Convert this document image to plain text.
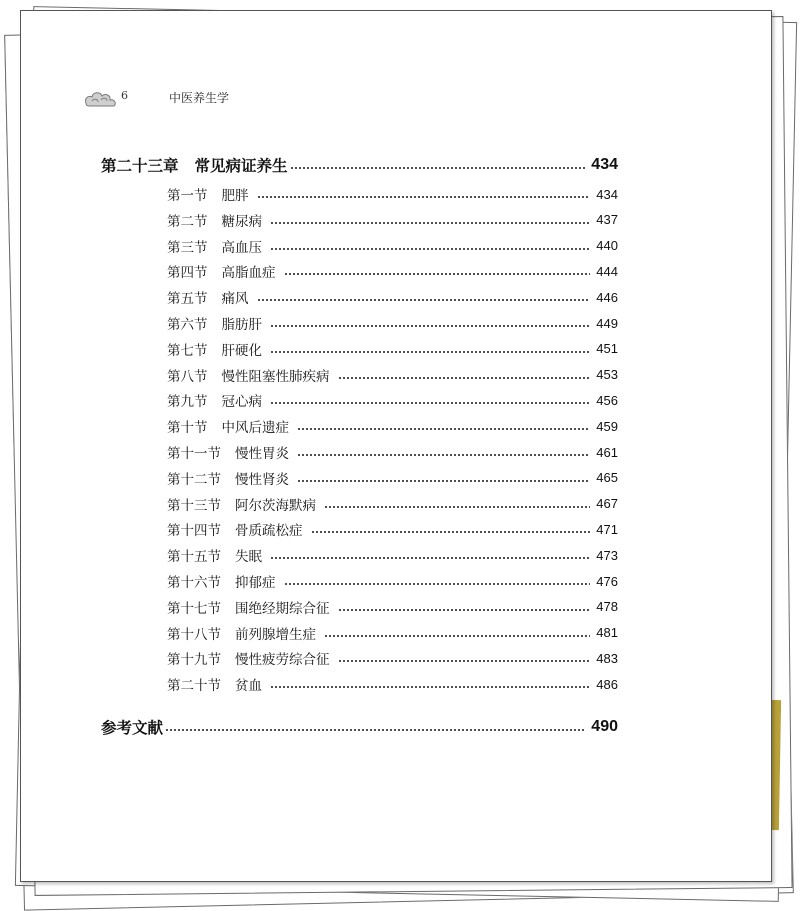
6	中医养生学
第二十三章 常见病证养生	434
第一节 肥胖	434
第二节 糖尿病	437
第三节 高血压	440
第四节 高脂血症	444
第五节 痛风	446
第六节 脂肪肝	449
第七节 肝硬化	451
第八节 慢性阻塞性肺疾病	453
第九节 冠心病	456
第十节 中风后遗症	459
第十一节 慢性胃炎	461
第十二节 慢性肾炎	465
第十三节 阿尔茨海默病	467
第十四节 骨质疏松症	471
第十五节 失眠	473
第十六节 抑郁症	476
第十七节 围绝经期综合征	478
第十八节 前列腺增生症	481
第十九节 慢性疲劳综合征	483
第二十节 贫血	486
参考文献	490
